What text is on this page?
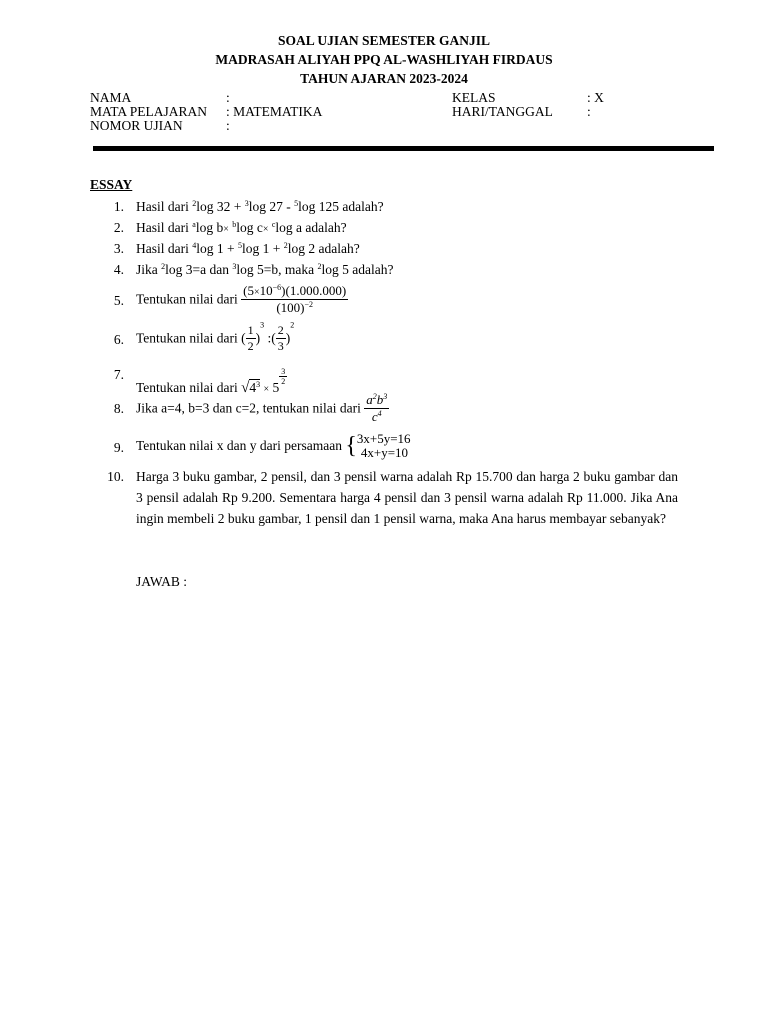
SOAL UJIAN SEMESTER GANJIL
MADRASAH ALIYAH PPQ AL-WASHLIYAH FIRDAUS
TAHUN AJARAN 2023-2024
NAMA	:
MATA PELAJARAN : MATEMATIKA
NOMOR UJIAN	:
KELAS	: X
HARI/TANGGAL	:
ESSAY
1. Hasil dari $^2$log 32 + $^3$log 27 - $^5$log 125 adalah?
2. Hasil dari $^a$log b× $^b$log c× $^c$log a adalah?
3. Hasil dari $^4$log 1 + $^5$log 1 + $^2$log 2 adalah?
4. Jika $^2$log 3=a dan $^3$log 5=b, maka $^2$log 5 adalah?
5. Tentukan nilai dari $\frac{(5\times 10^{-6})(1.000.000)}{(100)^{-2}}$
6. Tentukan nilai dari ( $\frac{1}{2} )^3$ :( $\frac{2}{3} )^2$
7.
Tentukan nilai dari $√4^3 \times 5$
$\frac{3}{2}$
8. Jika a=4, b=3 dan c=2, tentukan nilai dari $\frac{a^2b^3}{c^4}$
9. Tentukan nilai x dan y dari persamaan { 3x+5y=16
4x+y=10
10. Harga 3 buku gambar, 2 pensil, dan 3 pensil warna adalah Rp 15.700 dan harga 2 buku gambar dan 3 pensil adalah Rp 9.200. Sementara harga 4 pensil dan 3 pensil warna adalah Rp 11.000. Jika Ana ingin membeli 2 buku gambar, 1 pensil dan 1 pensil warna, maka Ana harus membayar sebanyak?
JAWAB :
